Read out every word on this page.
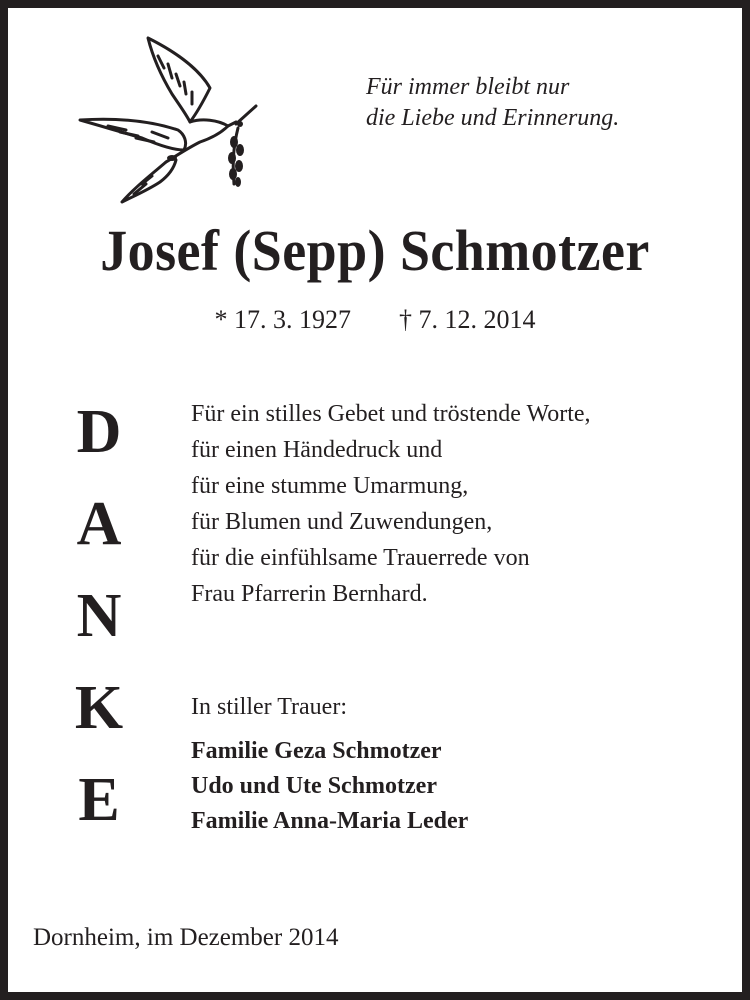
Für immer bleibt nur
die Liebe und Erinnerung.
Josef (Sepp) Schmotzer
* 17. 3. 1927 † 7. 12. 2014
D
A
N
K
E
Für ein stilles Gebet und tröstende Worte,
für einen Händedruck und
für eine stumme Umarmung,
für Blumen und Zuwendungen,
für die einfühlsame Trauerrede von
Frau Pfarrerin Bernhard.
In stiller Trauer:
Familie Geza Schmotzer
Udo und Ute Schmotzer
Familie Anna-Maria Leder
Dornheim, im Dezember 2014
